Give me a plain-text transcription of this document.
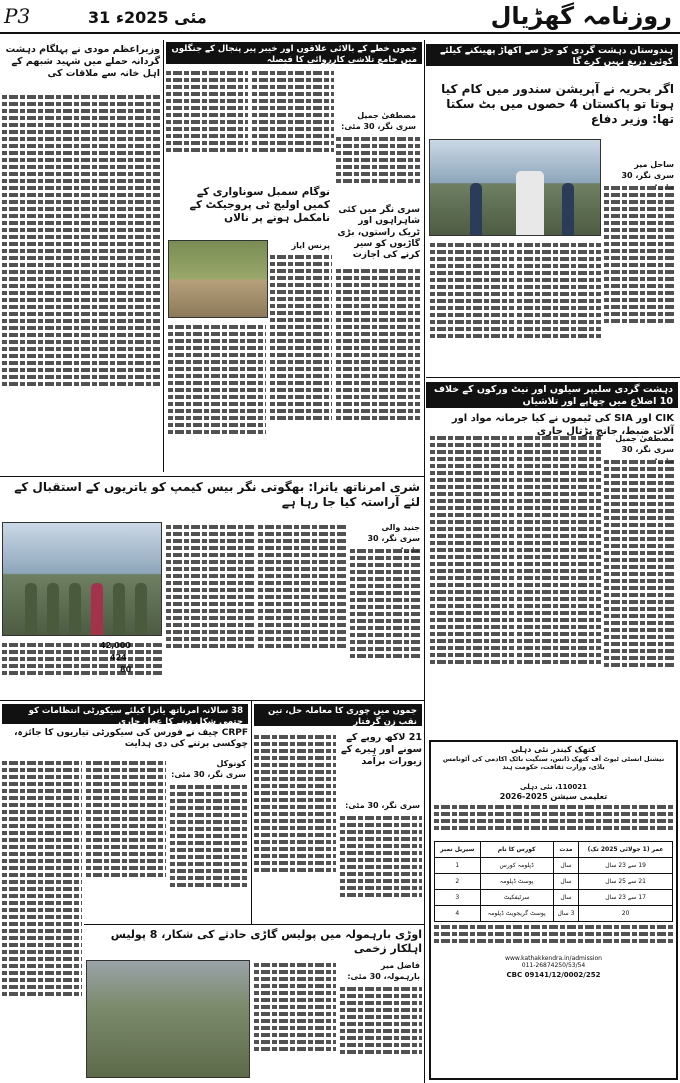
P3	31 مئی 2025ء	روزنامہ گھڑیال
ہندوستان دہشت گردی کو جڑ سے اکھاڑ پھینکنے کیلئے کوئی دریغ نہیں کرے گا
اگر بحریہ نے آپریشن سندور میں کام کیا ہوتا تو پاکستان 4 حصوں میں بٹ سکتا تھا: وزیر دفاع
ساحل میر
سری نگر، 30
دہشت گردی سلیپر سیلوں اور نیٹ ورکوں کے خلاف 10 اضلاع میں چھاپے اور تلاشیاں
CIK اور SIA کی ٹیموں نے کیا جرمانہ مواد اور آلات ضبط، جانچ پڑتال جاری
مصطفیٰ جمیل
سری نگر، 30
وزیراعظم مودی نے پہلگام دہشت گردانہ حملے میں شہید شبھم کے اہل خانہ سے ملاقات کی
جموں خطے کے بالائی علاقوں اور خیبر پیر پنجال کے جنگلوں میں جامع تلاشی کارروائی کا فیصلہ
مصطفیٰ جمیل
سری نگر، 30 مئی:
سری نگر میں کئی شاہراہوں اور ٹریک راستوں، بڑی گاڑیوں کو سیر کرنے کی اجازت
نوگام سمبل سوناواری کے کمیں اولیج ٹی پروجیکٹ کے نامکمل ہونے پر نالاں
پرنس ایاز
شری امرناتھ یاترا: بھگوتی نگر بیس کیمپ کو یاتریوں کے استقبال کے لئے آراستہ کیا جا رہا ہے
جنید والی
سری نگر، 30
42,000
424
80
38 سالانہ امرناتھ یاترا کیلئے سیکورٹی انتظامات کو حتمی شکل دینے کا عمل جاری
CRPF چیف نے فورس کی سیکورٹی تیاریوں کا جائزہ، چوکسی برتنے کی دی ہدایت
کونوکل
سری نگر، 30 مئی:
جموں میں چوری کا معاملہ حل، تین نقب زن گرفتار
21 لاکھ روپے کے سونے اور ہیرے کے زیورات برآمد
سری نگر، 30 مئی:
اوڑی بارہمولہ میں پولیس گاڑی حادثے کی شکار، 8 پولیس اہلکار زخمی
فاضل میر
بارہمولہ، 30 مئی:
کتھک کیندر نئی دہلی
نیشنل انسٹی ٹیوٹ آف کتھک ڈانس، سنگیت ناٹک اکادمی کی آٹونامس باڈی، وزارت ثقافت، حکومت ہند
110021، نئی دہلی
تعلیمی سیشن 2025-2026
عمر (1 جولائی 2025 تک)	مدت	کورس کا نام	سیریل نمبر
19 سے 23 سال	سال	ڈپلومہ کورس	1
21 سے 25 سال	سال	پوسٹ ڈپلومہ	2
17 سے 23 سال	سال	سرٹیفکیٹ	3
20	3 سال	پوسٹ گریجویٹ ڈپلومہ	4
www.kathakkendra.in/admission
011-26874250/53/54
CBC 09141/12/0002/252
